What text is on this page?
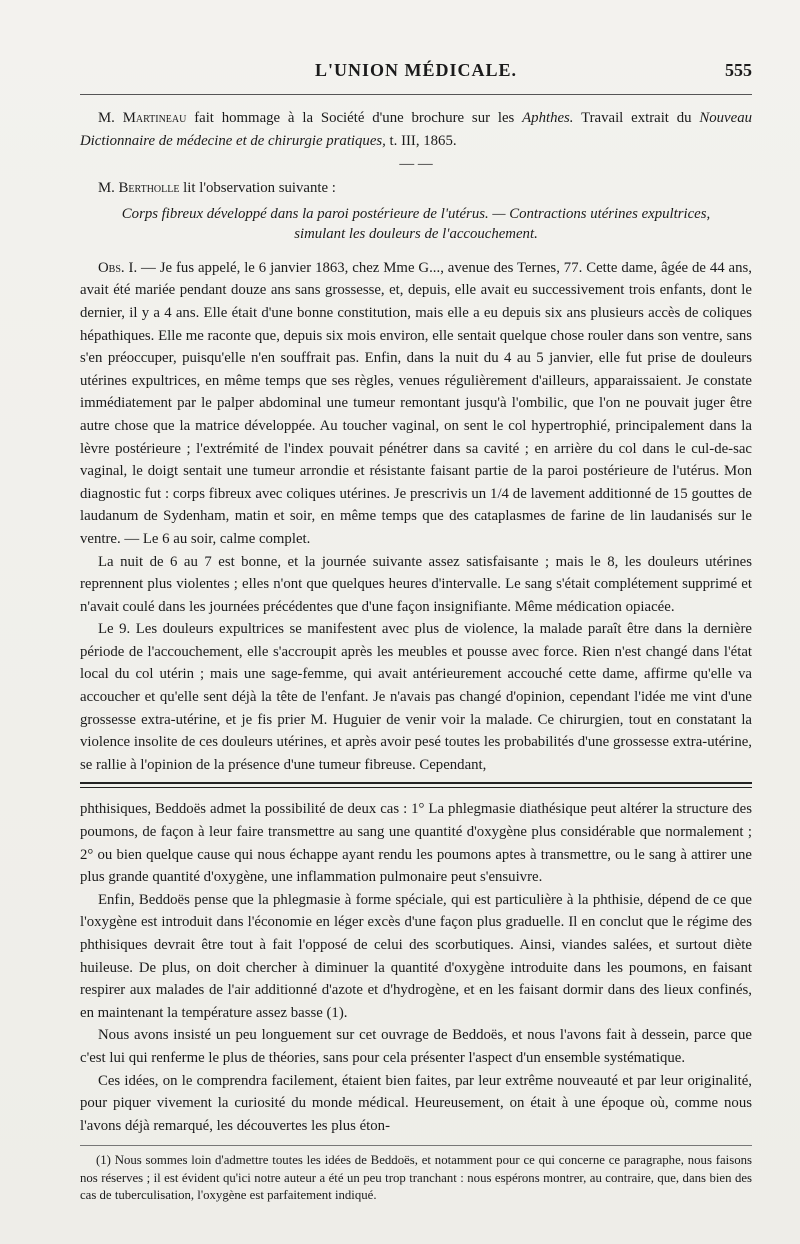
L'UNION MÉDICALE.	555

M. Martineau fait hommage à la Société d'une brochure sur les Aphthes. Travail extrait du Nouveau Dictionnaire de médecine et de chirurgie pratiques, t. III, 1865.

— —

M. Bertholle lit l'observation suivante :

Corps fibreux développé dans la paroi postérieure de l'utérus. — Contractions utérines expultrices, simulant les douleurs de l'accouchement.

Obs. I. — Je fus appelé, le 6 janvier 1863, chez Mme G..., avenue des Ternes, 77. Cette dame, âgée de 44 ans, avait été mariée pendant douze ans sans grossesse, et, depuis, elle avait eu successivement trois enfants, dont le dernier, il y a 4 ans. Elle était d'une bonne constitution, mais elle a eu depuis six ans plusieurs accès de coliques hépathiques. Elle me raconte que, depuis six mois environ, elle sentait quelque chose rouler dans son ventre, sans s'en préoccuper, puisqu'elle n'en souffrait pas. Enfin, dans la nuit du 4 au 5 janvier, elle fut prise de douleurs utérines expultrices, en même temps que ses règles, venues régulièrement d'ailleurs, apparaissaient. Je constate immédiatement par le palper abdominal une tumeur remontant jusqu'à l'ombilic, que l'on ne pouvait juger être autre chose que la matrice développée. Au toucher vaginal, on sent le col hypertrophié, principalement dans la lèvre postérieure ; l'extrémité de l'index pouvait pénétrer dans sa cavité ; en arrière du col dans le cul-de-sac vaginal, le doigt sentait une tumeur arrondie et résistante faisant partie de la paroi postérieure de l'utérus. Mon diagnostic fut : corps fibreux avec coliques utérines. Je prescrivis un 1/4 de lavement additionné de 15 gouttes de laudanum de Sydenham, matin et soir, en même temps que des cataplasmes de farine de lin laudanisés sur le ventre. — Le 6 au soir, calme complet.

La nuit de 6 au 7 est bonne, et la journée suivante assez satisfaisante ; mais le 8, les douleurs utérines reprennent plus violentes ; elles n'ont que quelques heures d'intervalle. Le sang s'était complétement supprimé et n'avait coulé dans les journées précédentes que d'une façon insignifiante. Même médication opiacée.

Le 9. Les douleurs expultrices se manifestent avec plus de violence, la malade paraît être dans la dernière période de l'accouchement, elle s'accroupit après les meubles et pousse avec force. Rien n'est changé dans l'état local du col utérin ; mais une sage-femme, qui avait antérieurement accouché cette dame, affirme qu'elle va accoucher et qu'elle sent déjà la tête de l'enfant. Je n'avais pas changé d'opinion, cependant l'idée me vint d'une grossesse extra-utérine, et je fis prier M. Huguier de venir voir la malade. Ce chirurgien, tout en constatant la violence insolite de ces douleurs utérines, et après avoir pesé toutes les probabilités d'une grossesse extra-utérine, se rallie à l'opinion de la présence d'une tumeur fibreuse. Cependant,

phthisiques, Beddoës admet la possibilité de deux cas : 1° La phlegmasie diathésique peut altérer la structure des poumons, de façon à leur faire transmettre au sang une quantité d'oxygène plus considérable que normalement ; 2° ou bien quelque cause qui nous échappe ayant rendu les poumons aptes à transmettre, ou le sang à attirer une plus grande quantité d'oxygène, une inflammation pulmonaire peut s'ensuivre.

Enfin, Beddoës pense que la phlegmasie à forme spéciale, qui est particulière à la phthisie, dépend de ce que l'oxygène est introduit dans l'économie en léger excès d'une façon plus graduelle. Il en conclut que le régime des phthisiques devrait être tout à fait l'opposé de celui des scorbutiques. Ainsi, viandes salées, et surtout diète huileuse. De plus, on doit chercher à diminuer la quantité d'oxygène introduite dans les poumons, en faisant respirer aux malades de l'air additionné d'azote et d'hydrogène, et en les faisant dormir dans des lieux confinés, en maintenant la température assez basse (1).

Nous avons insisté un peu longuement sur cet ouvrage de Beddoës, et nous l'avons fait à dessein, parce que c'est lui qui renferme le plus de théories, sans pour cela présenter l'aspect d'un ensemble systématique.

Ces idées, on le comprendra facilement, étaient bien faites, par leur extrême nouveauté et par leur originalité, pour piquer vivement la curiosité du monde médical. Heureusement, on était à une époque où, comme nous l'avons déjà remarqué, les découvertes les plus éton-

(1) Nous sommes loin d'admettre toutes les idées de Beddoës, et notamment pour ce qui concerne ce paragraphe, nous faisons nos réserves ; il est évident qu'ici notre auteur a été un peu trop tranchant : nous espérons montrer, au contraire, que, dans bien des cas de tuberculisation, l'oxygène est parfaitement indiqué.
